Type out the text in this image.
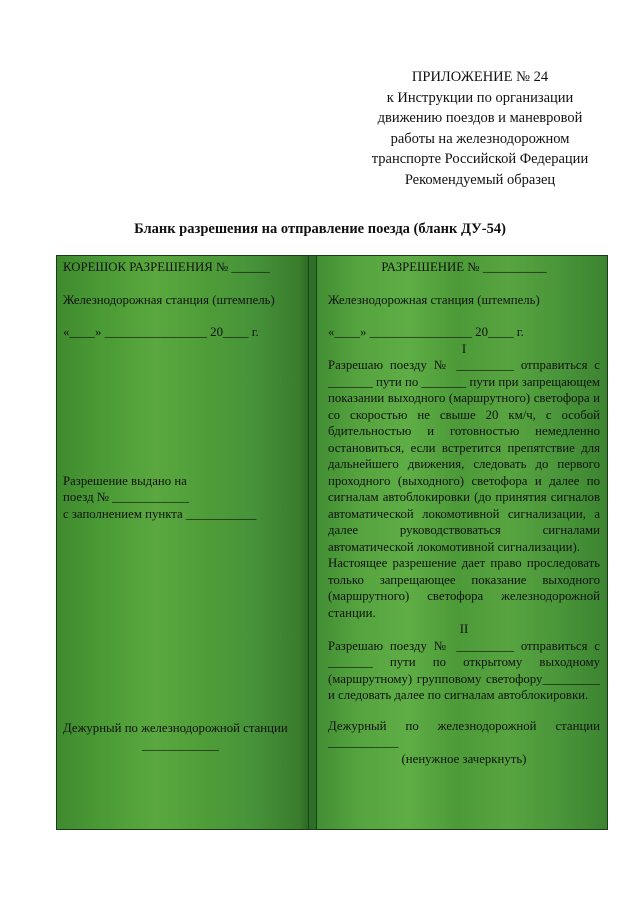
ПРИЛОЖЕНИЕ № 24
к Инструкции по организации
движению поездов и маневровой
работы на железнодорожном
транспорте Российской Федерации
Рекомендуемый образец
Бланк разрешения на отправление поезда (бланк ДУ-54)
КОРЕШОК РАЗРЕШЕНИЯ № ______
Железнодорожная станция (штемпель)
«____» ________________ 20____ г.
Разрешение выдано на
поезд № ____________
с заполнением пункта ___________
Дежурный по железнодорожной станции
____________
РАЗРЕШЕНИЕ № __________
Железнодорожная станция (штемпель)
«____» ________________ 20____ г.
I
Разрешаю поезду № _________ отправиться с _______ пути по _______ пути при запрещающем показании выходного (маршрутного) светофора и со скоростью не свыше 20 км/ч, с особой бдительностью и готовностью немедленно остановиться, если встретится препятствие для дальнейшего движения, следовать до первого проходного (выходного) светофора и далее по сигналам автоблокировки (до принятия сигналов автоматической локомотивной сигнализации, а далее руководствоваться сигналами автоматической локомотивной сигнализации).
Настоящее разрешение дает право проследовать только запрещающее показание выходного (маршрутного) светофора железнодорожной станции.
II
Разрешаю поезду № _________ отправиться с _______ пути по открытому выходному (маршрутному) групповому светофору_________ и следовать далее по сигналам автоблокировки.
Дежурный по железнодорожной станции
___________
(ненужное зачеркнуть)
